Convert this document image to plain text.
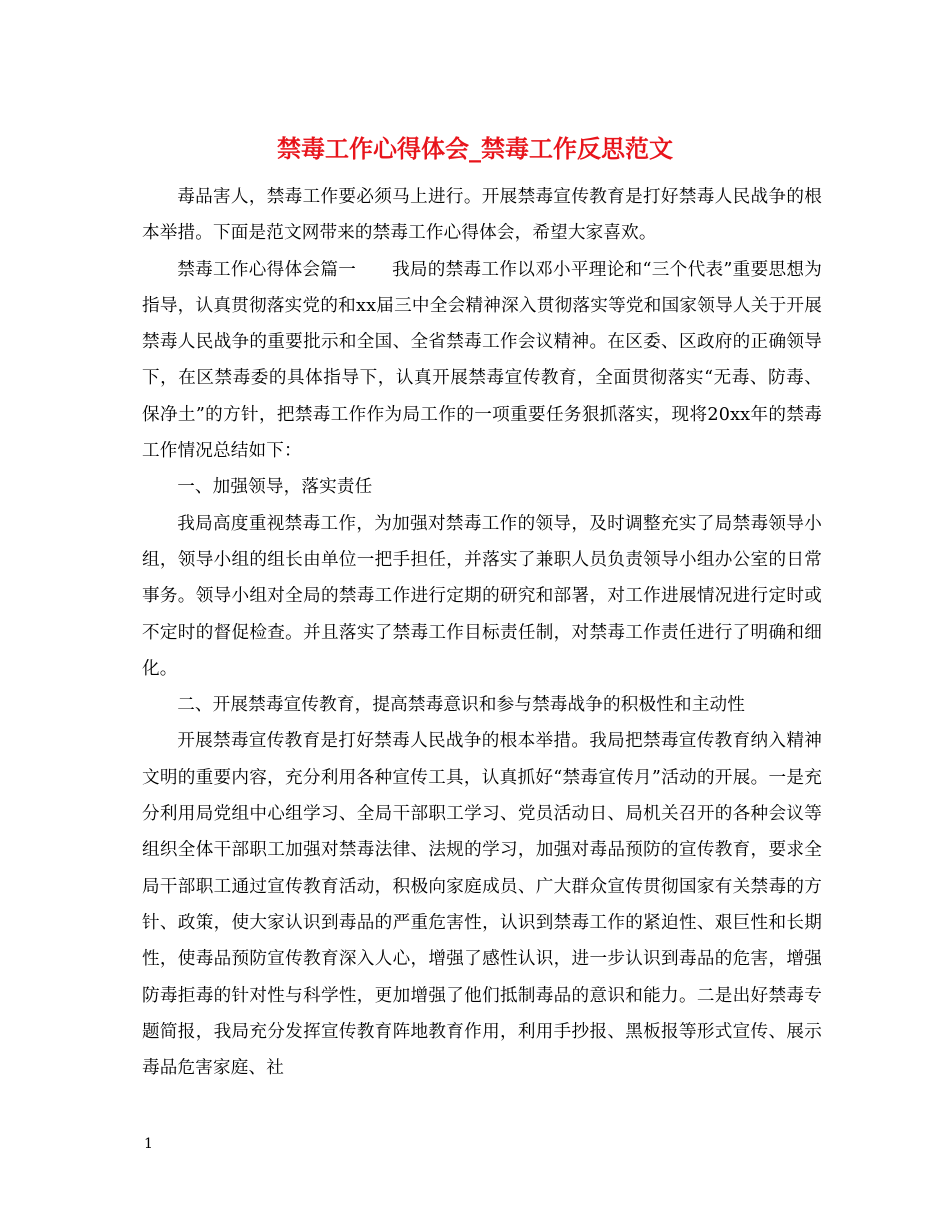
禁毒工作心得体会_禁毒工作反思范文

毒品害人，禁毒工作要必须马上进行。开展禁毒宣传教育是打好禁毒人民战争的根本举措。下面是范文网带来的禁毒工作心得体会，希望大家喜欢。

禁毒工作心得体会篇一　　我局的禁毒工作以邓小平理论和“三个代表”重要思想为指导，认真贯彻落实党的和xx届三中全会精神深入贯彻落实等党和国家领导人关于开展禁毒人民战争的重要批示和全国、全省禁毒工作会议精神。在区委、区政府的正确领导下，在区禁毒委的具体指导下，认真开展禁毒宣传教育，全面贯彻落实“无毒、防毒、保净土”的方针，把禁毒工作作为局工作的一项重要任务狠抓落实，现将20xx年的禁毒工作情况总结如下：

一、加强领导，落实责任

我局高度重视禁毒工作，为加强对禁毒工作的领导，及时调整充实了局禁毒领导小组，领导小组的组长由单位一把手担任，并落实了兼职人员负责领导小组办公室的日常事务。领导小组对全局的禁毒工作进行定期的研究和部署，对工作进展情况进行定时或不定时的督促检查。并且落实了禁毒工作目标责任制，对禁毒工作责任进行了明确和细化。

二、开展禁毒宣传教育，提高禁毒意识和参与禁毒战争的积极性和主动性

开展禁毒宣传教育是打好禁毒人民战争的根本举措。我局把禁毒宣传教育纳入精神文明的重要内容，充分利用各种宣传工具，认真抓好“禁毒宣传月”活动的开展。一是充分利用局党组中心组学习、全局干部职工学习、党员活动日、局机关召开的各种会议等组织全体干部职工加强对禁毒法律、法规的学习，加强对毒品预防的宣传教育，要求全局干部职工通过宣传教育活动，积极向家庭成员、广大群众宣传贯彻国家有关禁毒的方针、政策，使大家认识到毒品的严重危害性，认识到禁毒工作的紧迫性、艰巨性和长期性，使毒品预防宣传教育深入人心，增强了感性认识，进一步认识到毒品的危害，增强防毒拒毒的针对性与科学性，更加增强了他们抵制毒品的意识和能力。二是出好禁毒专题简报，我局充分发挥宣传教育阵地教育作用，利用手抄报、黑板报等形式宣传、展示毒品危害家庭、社

1
